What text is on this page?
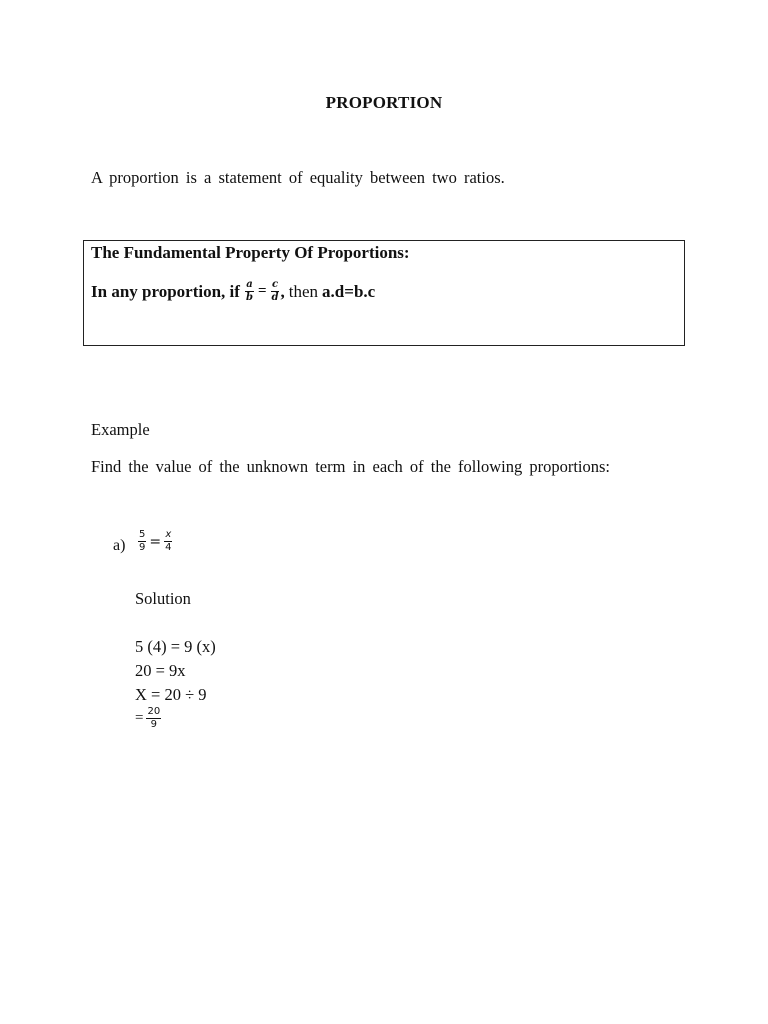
PROPORTION
A proportion is a statement of equality between two ratios.
The Fundamental Property Of Proportions:
In any proportion, if $\frac{a}{b} = \frac{c}{d}$ , then a.d=b.c
Example
Find the value of the unknown term in each of the following proportions:
$a) \frac{5}{9} = \frac{x}{4}$
Solution
5 (4) = 9 (x)
20 = 9x
X = 20 ÷ 9
= $\frac{20}{9}$
